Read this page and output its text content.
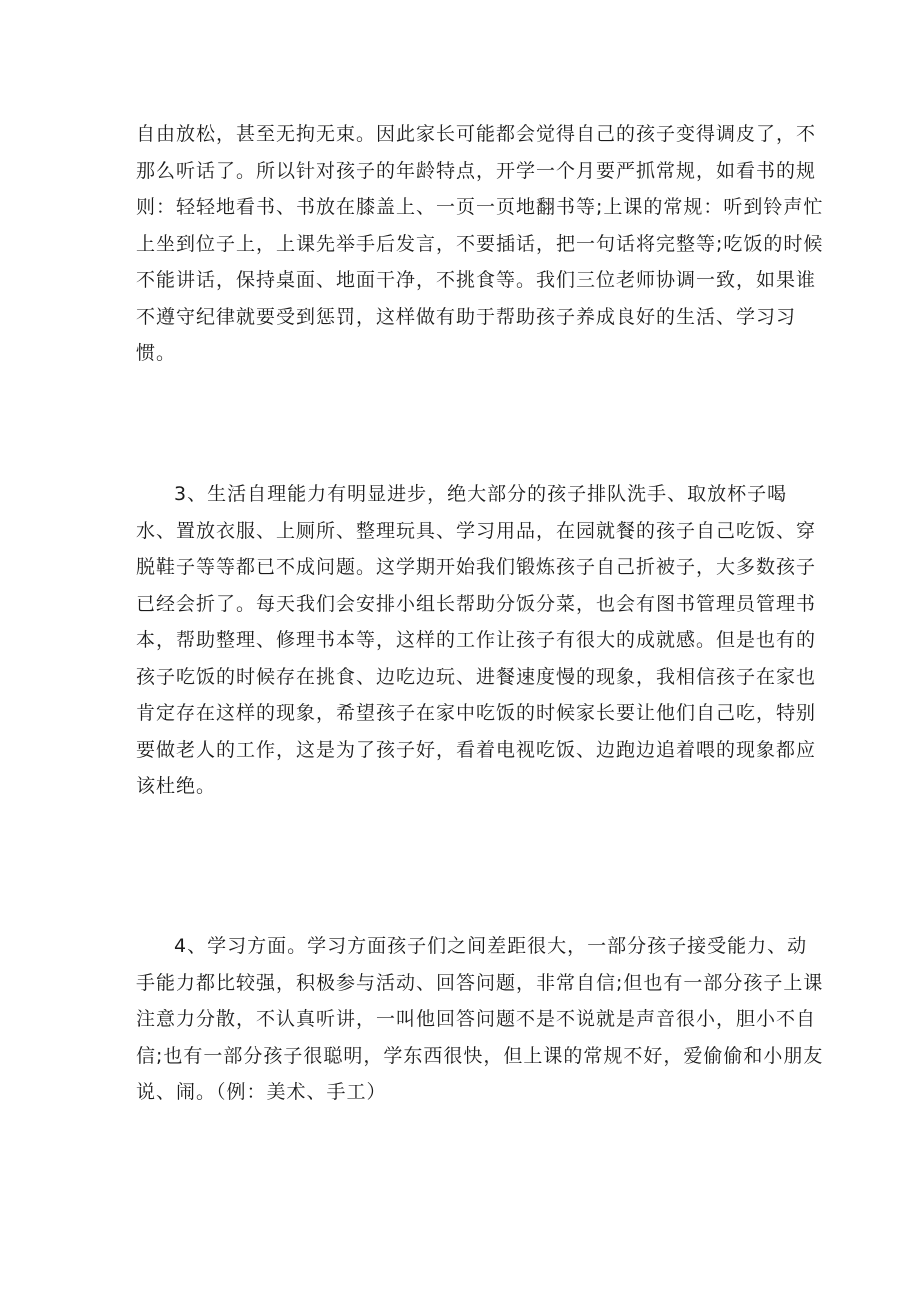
自由放松，甚至无拘无束。因此家长可能都会觉得自己的孩子变得调皮了，不
那么听话了。所以针对孩子的年龄特点，开学一个月要严抓常规，如看书的规
则：轻轻地看书、书放在膝盖上、一页一页地翻书等;上课的常规：听到铃声忙
上坐到位子上，上课先举手后发言，不要插话，把一句话将完整等;吃饭的时候
不能讲话，保持桌面、地面干净，不挑食等。我们三位老师协调一致，如果谁
不遵守纪律就要受到惩罚，这样做有助于帮助孩子养成良好的生活、学习习
惯。

3、生活自理能力有明显进步，绝大部分的孩子排队洗手、取放杯子喝
水、置放衣服、上厕所、整理玩具、学习用品，在园就餐的孩子自己吃饭、穿
脱鞋子等等都已不成问题。这学期开始我们锻炼孩子自己折被子，大多数孩子
已经会折了。每天我们会安排小组长帮助分饭分菜，也会有图书管理员管理书
本，帮助整理、修理书本等，这样的工作让孩子有很大的成就感。但是也有的
孩子吃饭的时候存在挑食、边吃边玩、进餐速度慢的现象，我相信孩子在家也
肯定存在这样的现象，希望孩子在家中吃饭的时候家长要让他们自己吃，特别
要做老人的工作，这是为了孩子好，看着电视吃饭、边跑边追着喂的现象都应
该杜绝。

4、学习方面。学习方面孩子们之间差距很大，一部分孩子接受能力、动
手能力都比较强，积极参与活动、回答问题，非常自信;但也有一部分孩子上课
注意力分散，不认真听讲，一叫他回答问题不是不说就是声音很小，胆小不自
信;也有一部分孩子很聪明，学东西很快，但上课的常规不好，爱偷偷和小朋友
说、闹。（例：美术、手工）
